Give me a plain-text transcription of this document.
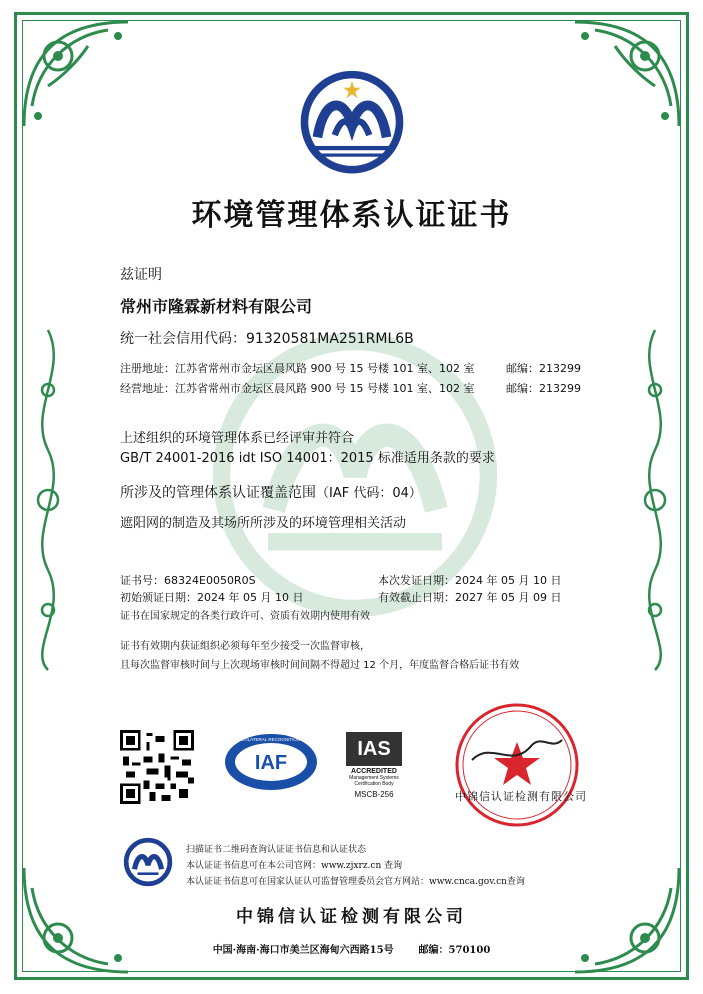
环境管理体系认证证书
兹证明
常州市隆霖新材料有限公司
统一社会信用代码：91320581MA251RML6B
注册地址：江苏省常州市金坛区晨风路 900 号 15 号楼 101 室、102 室	邮编：213299
经营地址：江苏省常州市金坛区晨风路 900 号 15 号楼 101 室、102 室	邮编：213299
上述组织的环境管理体系已经评审并符合
GB/T 24001-2016 idt ISO 14001：2015 标准适用条款的要求
所涉及的管理体系认证覆盖范围（IAF 代码：04）
遮阳网的制造及其场所所涉及的环境管理相关活动
证书号：68324E0050R0S	本次发证日期：2024 年 05 月 10 日
初始颁证日期：2024 年 05 月 10 日	有效截止日期：2027 年 05 月 09 日
证书在国家规定的各类行政许可、资质有效期内使用有效
证书有效期内获证组织必须每年至少接受一次监督审核，
且每次监督审核时间与上次现场审核时间间隔不得超过 12 个月，年度监督合格后证书有效
IAF
MEMBER OF MULTILATERAL RECOGNITION ARRANGEMENT	IAS
ACCREDITED
Management Systems
Certification Body
MSCB-256	中锦信认证检测有限公司
扫描证书二维码查询认证证书信息和认证状态
本认证证书信息可在本公司官网：www.zjxrz.cn 查询
本认证证书信息可在国家认证认可监督管理委员会官方网站：www.cnca.gov.cn查询
中锦信认证检测有限公司
中国·海南·海口市美兰区海甸六西路15号 邮编：570100
